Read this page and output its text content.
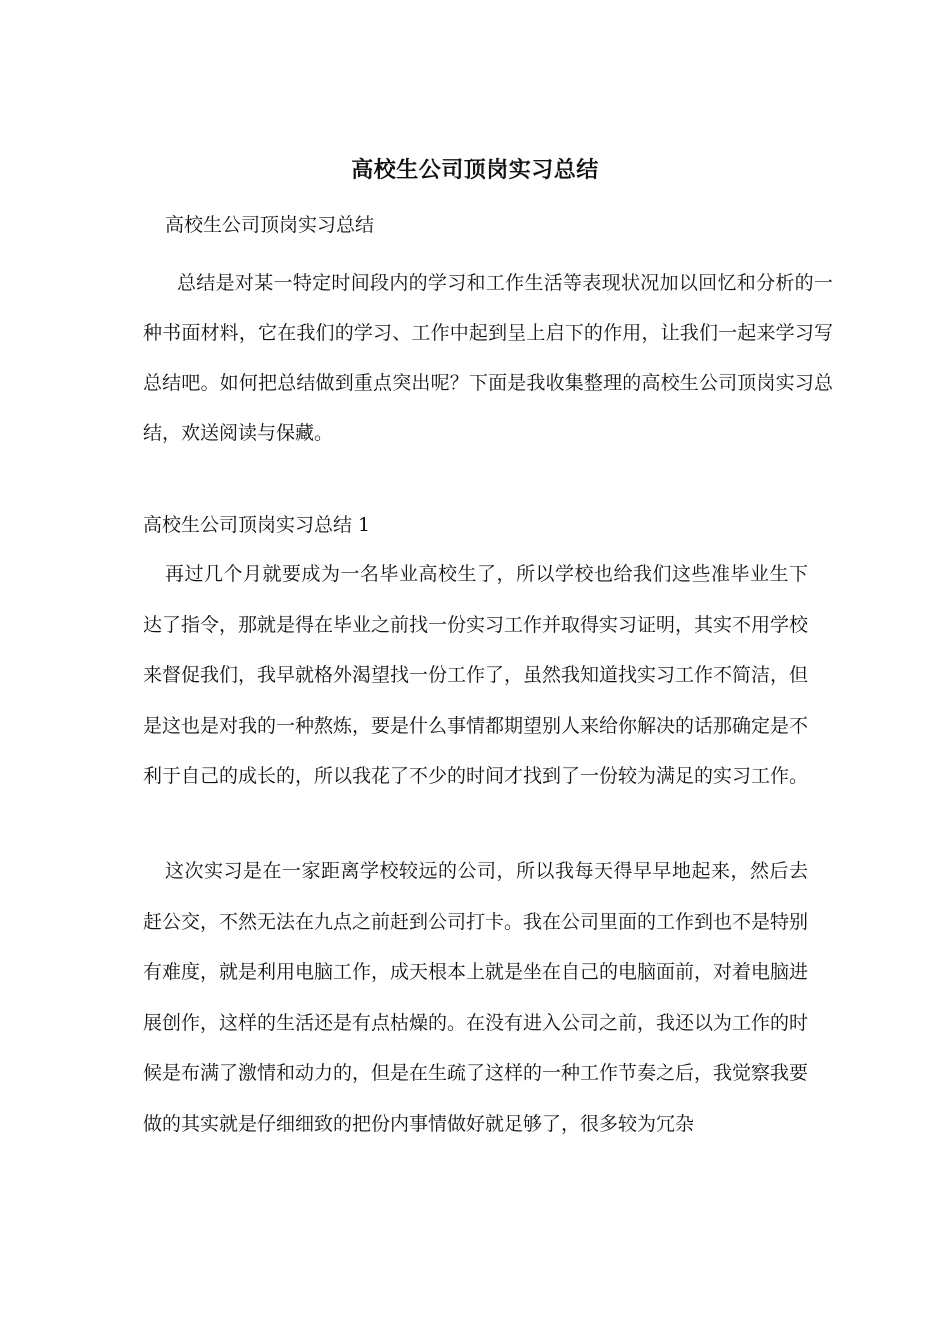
高校生公司顶岗实习总结
高校生公司顶岗实习总结
总结是对某一特定时间段内的学习和工作生活等表现状况加以回忆和分析的一种书面材料，它在我们的学习、工作中起到呈上启下的作用，让我们一起来学习写总结吧。如何把总结做到重点突出呢？下面是我收集整理的高校生公司顶岗实习总结，欢送阅读与保藏。
高校生公司顶岗实习总结 1
再过几个月就要成为一名毕业高校生了，所以学校也给我们这些准毕业生下达了指令，那就是得在毕业之前找一份实习工作并取得实习证明，其实不用学校来督促我们，我早就格外渴望找一份工作了，虽然我知道找实习工作不简洁，但是这也是对我的一种熬炼，要是什么事情都期望别人来给你解决的话那确定是不利于自己的成长的，所以我花了不少的时间才找到了一份较为满足的实习工作。
这次实习是在一家距离学校较远的公司，所以我每天得早早地起来，然后去赶公交，不然无法在九点之前赶到公司打卡。我在公司里面的工作到也不是特别有难度，就是利用电脑工作，成天根本上就是坐在自己的电脑面前，对着电脑进展创作，这样的生活还是有点枯燥的。在没有进入公司之前，我还以为工作的时候是布满了激情和动力的，但是在生疏了这样的一种工作节奏之后，我觉察我要做的其实就是仔细细致的把份内事情做好就足够了，很多较为冗杂
